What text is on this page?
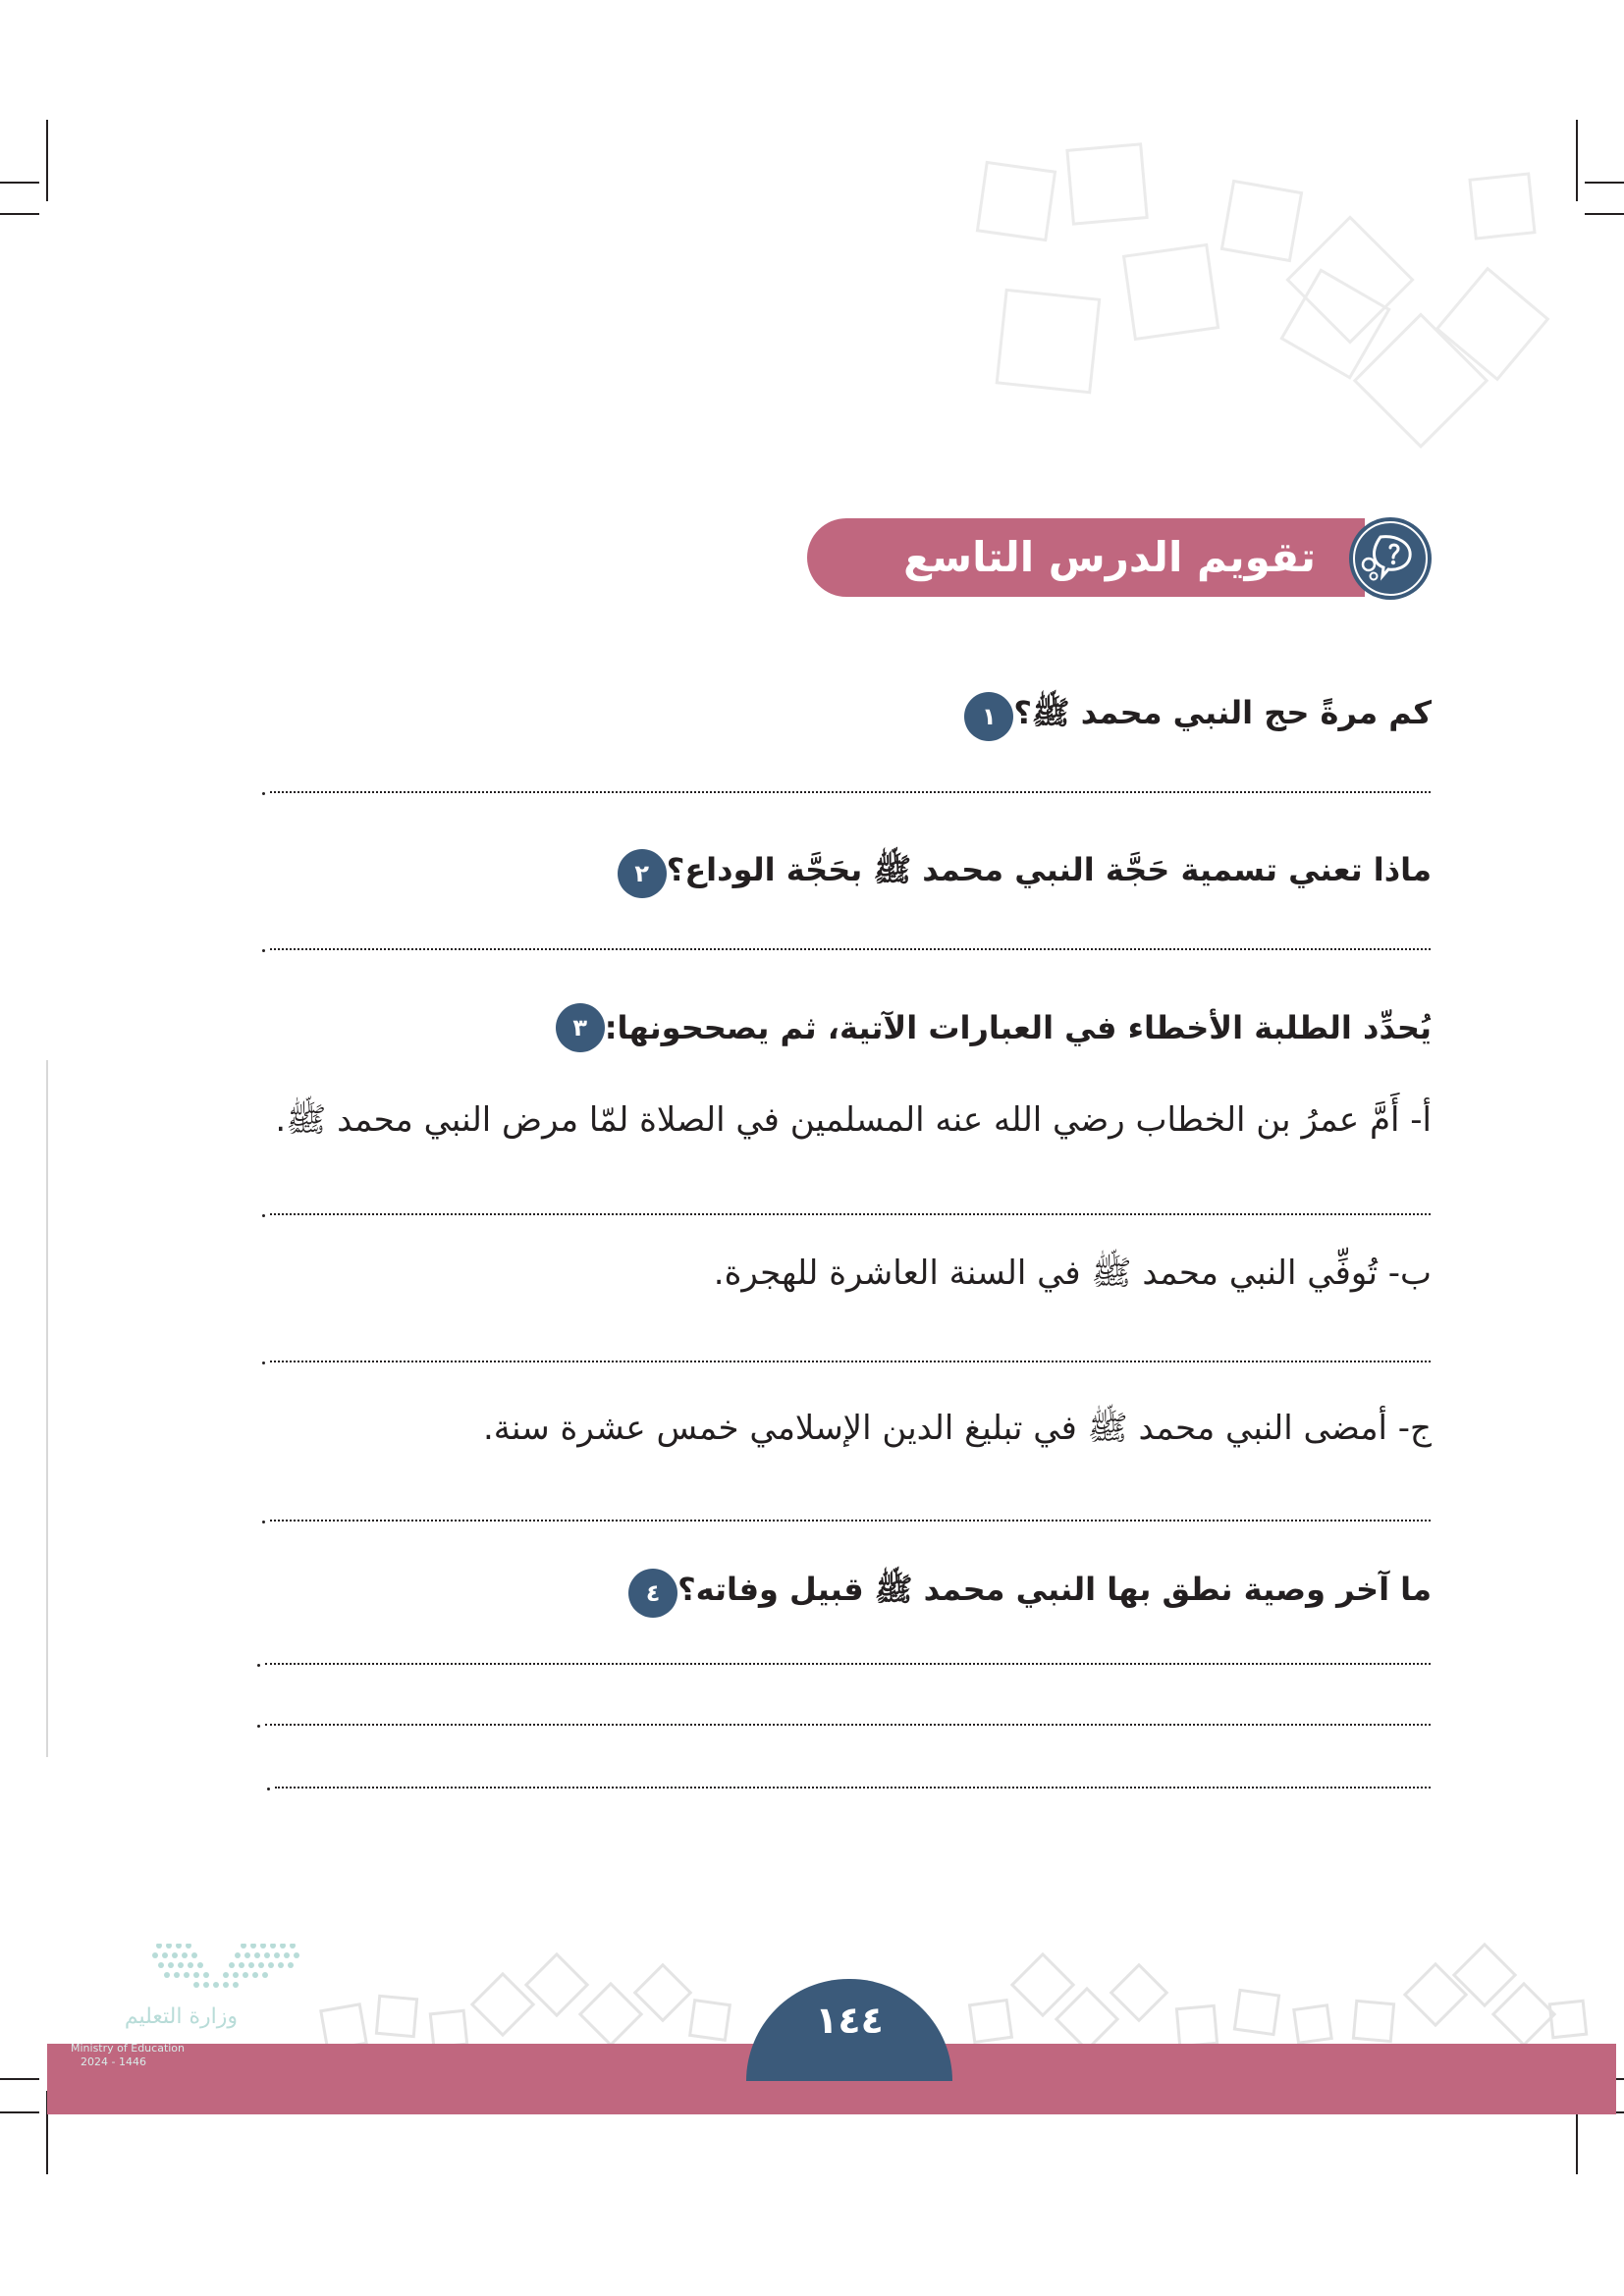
تقويم الدرس التاسع عشر
١ كم مرةً حج النبي محمد ﷺ؟
٢ ماذا تعني تسمية حَجَّة النبي محمد ﷺ بحَجَّة الوداع؟
٣ يُحدِّد الطلبة الأخطاء في العبارات الآتية، ثم يصححونها:
أ- أَمَّ عمرُ بن الخطاب رضي الله عنه المسلمين في الصلاة لمّا مرض النبي محمد ﷺ.
ب- تُوفِّي النبي محمد ﷺ في السنة العاشرة للهجرة.
ج- أمضى النبي محمد ﷺ في تبليغ الدين الإسلامي خمس عشرة سنة.
٤ ما آخر وصية نطق بها النبي محمد ﷺ قبيل وفاته؟
وزارة التعليم
Ministry of Education
2024 - 1446
١٤٤
